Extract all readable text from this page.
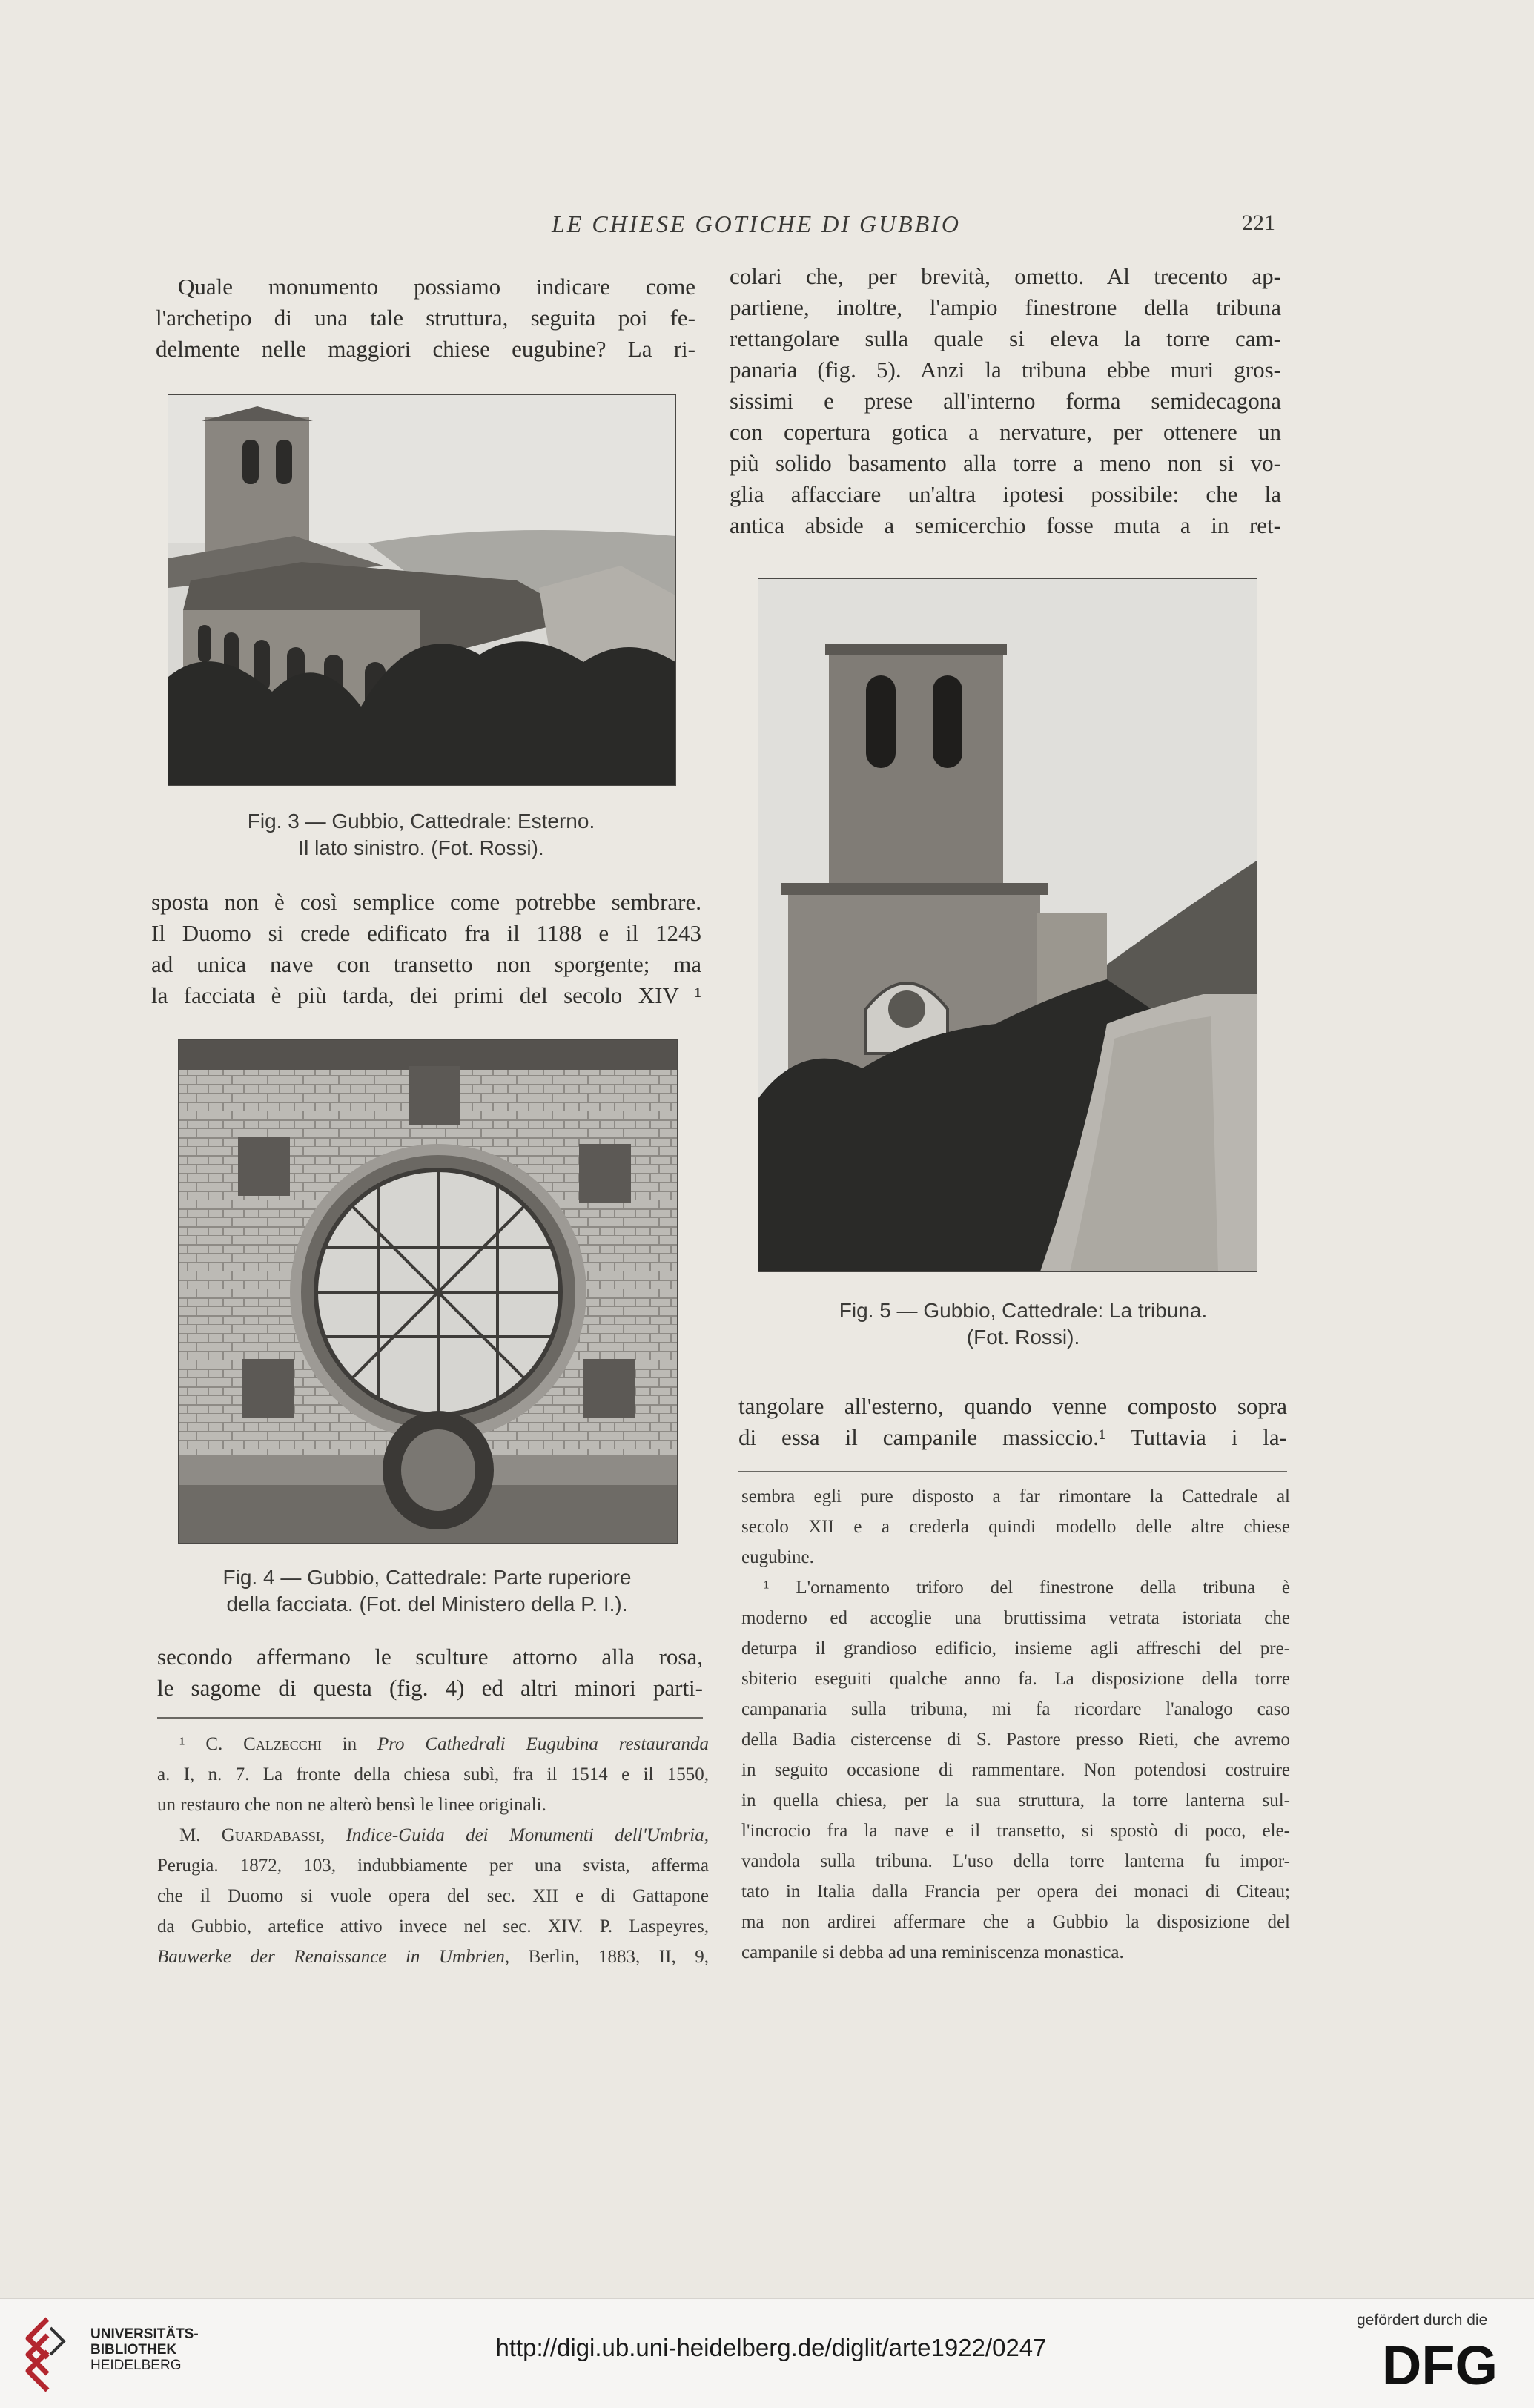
LE CHIESE GOTICHE DI GUBBIO	221
Quale monumento possiamo indicare come
l'archetipo di una tale struttura, seguita poi fe-
delmente nelle maggiori chiese eugubine? La ri-
Fig. 3 — Gubbio, Cattedrale: Esterno.
Il lato sinistro. (Fot. Rossi).
sposta non è così semplice come potrebbe sembrare.
Il Duomo si crede edificato fra il 1188 e il 1243
ad unica nave con transetto non sporgente; ma
la facciata è più tarda, dei primi del secolo XIV ¹
Fig. 4 — Gubbio, Cattedrale: Parte ruperiore
della facciata. (Fot. del Ministero della P. I.).
secondo affermano le sculture attorno alla rosa,
le sagome di questa (fig. 4) ed altri minori parti-
¹ C. Calzecchi in Pro Cathedrali Eugubina restauranda
a. I, n. 7. La fronte della chiesa subì, fra il 1514 e il 1550,
un restauro che non ne alterò bensì le linee originali.
M. Guardabassi, Indice-Guida dei Monumenti dell'Umbria,
Perugia. 1872, 103, indubbiamente per una svista, afferma
che il Duomo si vuole opera del sec. XII e di Gattapone
da Gubbio, artefice attivo invece nel sec. XIV. P. Laspeyres,
Bauwerke der Renaissance in Umbrien, Berlin, 1883, II, 9,
colari che, per brevità, ometto. Al trecento ap-
partiene, inoltre, l'ampio finestrone della tribuna
rettangolare sulla quale si eleva la torre cam-
panaria (fig. 5). Anzi la tribuna ebbe muri gros-
sissimi e prese all'interno forma semidecagona
con copertura gotica a nervature, per ottenere un
più solido basamento alla torre a meno non si vo-
glia affacciare un'altra ipotesi possibile: che la
antica abside a semicerchio fosse muta a in ret-
Fig. 5 — Gubbio, Cattedrale: La tribuna.
(Fot. Rossi).
tangolare all'esterno, quando venne composto sopra
di essa il campanile massiccio.¹ Tuttavia i la-
sembra egli pure disposto a far rimontare la Cattedrale al
secolo XII e a crederla quindi modello delle altre chiese
eugubine.
¹ L'ornamento triforo del finestrone della tribuna è
moderno ed accoglie una bruttissima vetrata istoriata che
deturpa il grandioso edificio, insieme agli affreschi del pre-
sbiterio eseguiti qualche anno fa. La disposizione della torre
campanaria sulla tribuna, mi fa ricordare l'analogo caso
della Badia cistercense di S. Pastore presso Rieti, che avremo
in seguito occasione di rammentare. Non potendosi costruire
in quella chiesa, per la sua struttura, la torre lanterna sul-
l'incrocio fra la nave e il transetto, si spostò di poco, ele-
vandola sulla tribuna. L'uso della torre lanterna fu impor-
tato in Italia dalla Francia per opera dei monaci di Citeau;
ma non ardirei affermare che a Gubbio la disposizione del
campanile si debba ad una reminiscenza monastica.
UNIVERSITÄTS-
BIBLIOTHEK
HEIDELBERG
http://digi.ub.uni-heidelberg.de/diglit/arte1922/0247
gefördert durch die
DFG
